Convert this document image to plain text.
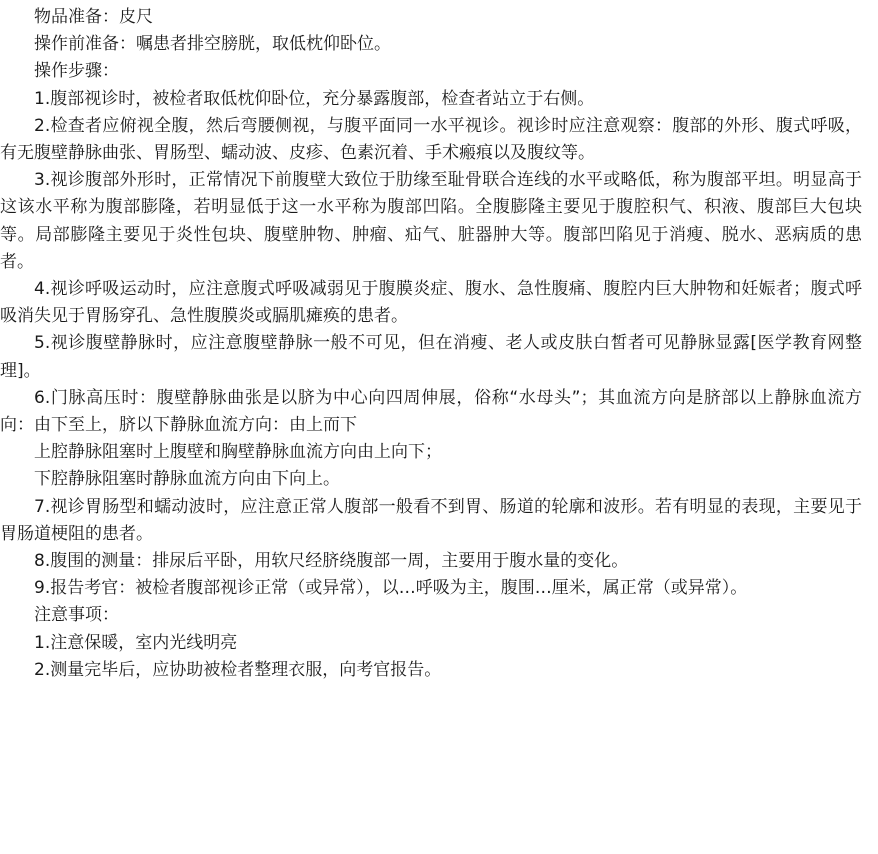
物品准备：皮尺

操作前准备：嘱患者排空膀胱，取低枕仰卧位。

操作步骤：

1.腹部视诊时，被检者取低枕仰卧位，充分暴露腹部，检查者站立于右侧。

2.检查者应俯视全腹，然后弯腰侧视，与腹平面同一水平视诊。视诊时应注意观察：腹部的外形、腹式呼吸，有无腹壁静脉曲张、胃肠型、蠕动波、皮疹、色素沉着、手术瘢痕以及腹纹等。

3.视诊腹部外形时，正常情况下前腹壁大致位于肋缘至耻骨联合连线的水平或略低，称为腹部平坦。明显高于这该水平称为腹部膨隆，若明显低于这一水平称为腹部凹陷。全腹膨隆主要见于腹腔积气、积液、腹部巨大包块等。局部膨隆主要见于炎性包块、腹壁肿物、肿瘤、疝气、脏器肿大等。腹部凹陷见于消瘦、脱水、恶病质的患者。

4.视诊呼吸运动时，应注意腹式呼吸减弱见于腹膜炎症、腹水、急性腹痛、腹腔内巨大肿物和妊娠者；腹式呼吸消失见于胃肠穿孔、急性腹膜炎或膈肌瘫痪的患者。

5.视诊腹壁静脉时，应注意腹壁静脉一般不可见，但在消瘦、老人或皮肤白皙者可见静脉显露[医学教育网整理]。

6.门脉高压时：腹壁静脉曲张是以脐为中心向四周伸展，俗称“水母头”；其血流方向是脐部以上静脉血流方向：由下至上，脐以下静脉血流方向：由上而下

上腔静脉阻塞时上腹壁和胸壁静脉血流方向由上向下；

下腔静脉阻塞时静脉血流方向由下向上。

7.视诊胃肠型和蠕动波时，应注意正常人腹部一般看不到胃、肠道的轮廓和波形。若有明显的表现，主要见于胃肠道梗阻的患者。

8.腹围的测量：排尿后平卧，用软尺经脐绕腹部一周，主要用于腹水量的变化。

9.报告考官：被检者腹部视诊正常（或异常），以…呼吸为主，腹围…厘米，属正常（或异常）。

注意事项：

1.注意保暖，室内光线明亮

2.测量完毕后，应协助被检者整理衣服，向考官报告。
